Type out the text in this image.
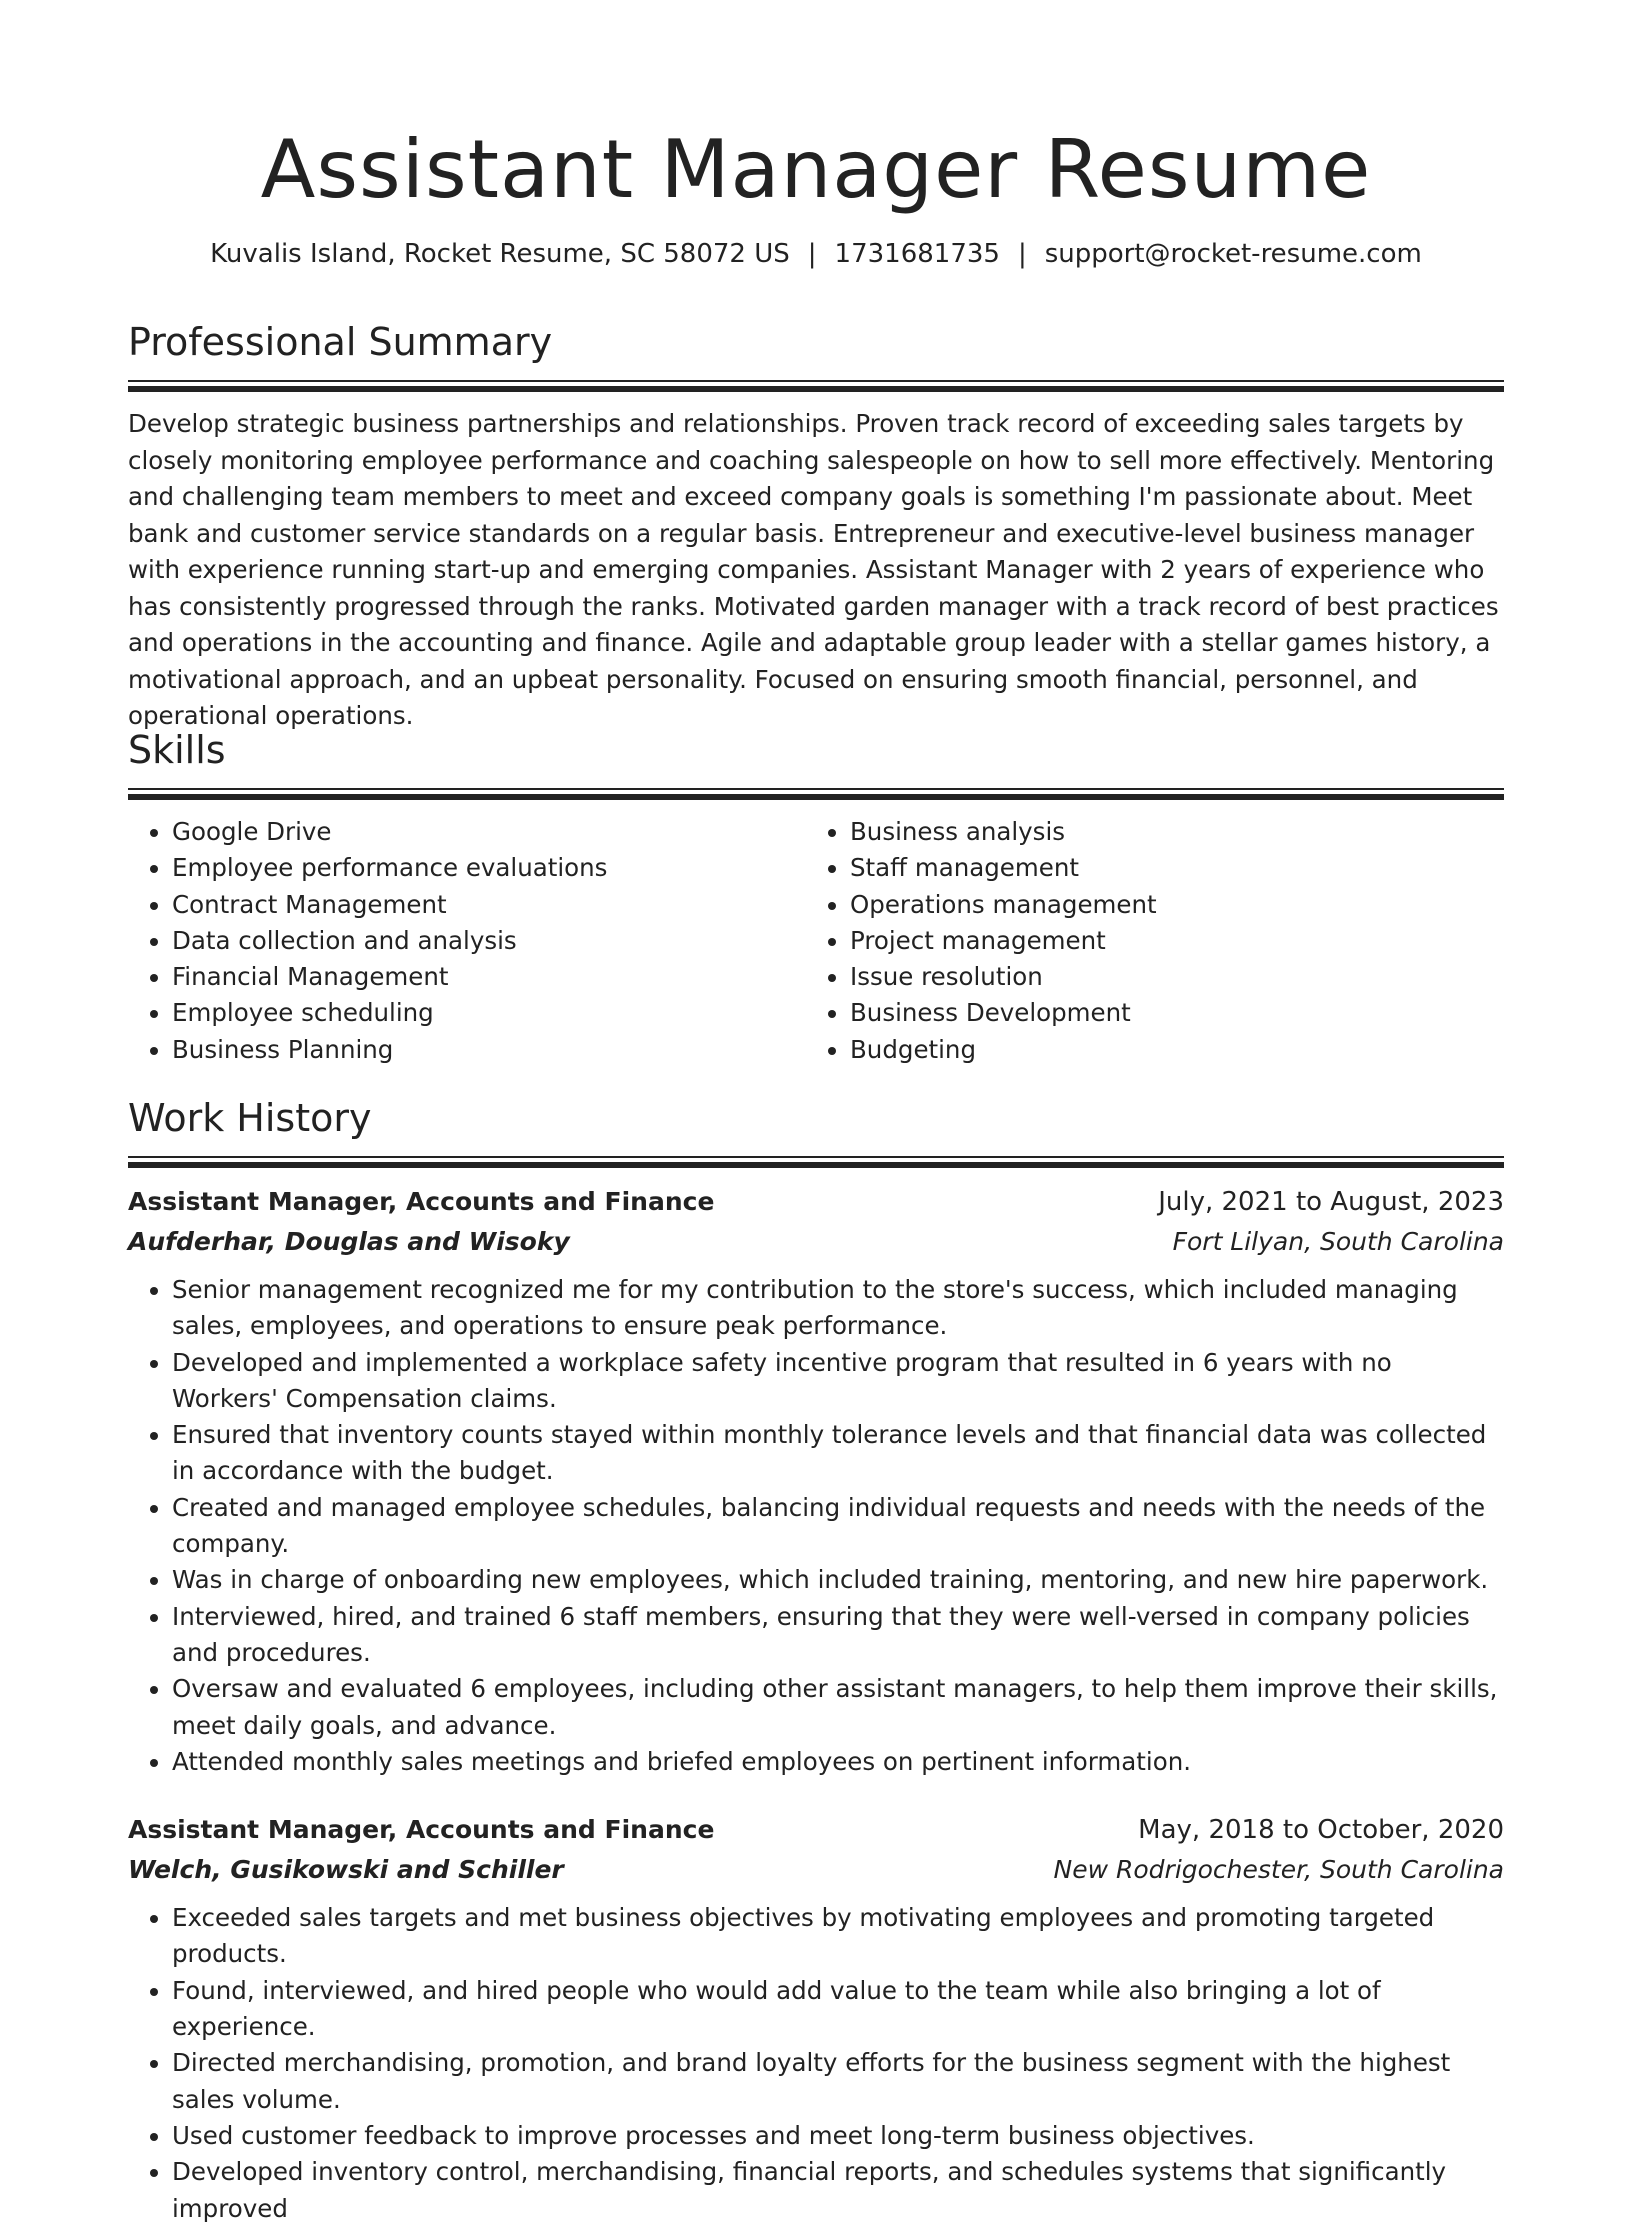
Assistant Manager Resume
Kuvalis Island, Rocket Resume, SC 58072 US | 1731681735 | support@rocket-resume.com
Professional Summary

Develop strategic business partnerships and relationships. Proven track record of exceeding sales targets by closely monitoring employee performance and coaching salespeople on how to sell more effectively. Mentoring and challenging team members to meet and exceed company goals is something I'm passionate about. Meet bank and customer service standards on a regular basis. Entrepreneur and executive-level business manager with experience running start-up and emerging companies. Assistant Manager with 2 years of experience who has consistently progressed through the ranks. Motivated garden manager with a track record of best practices and operations in the accounting and finance. Agile and adaptable group leader with a stellar games history, a motivational approach, and an upbeat personality. Focused on ensuring smooth financial, personnel, and operational operations.

Skills
• Google Drive
• Employee performance evaluations
• Contract Management
• Data collection and analysis
• Financial Management
• Employee scheduling
• Business Planning
• Business analysis
• Staff management
• Operations management
• Project management
• Issue resolution
• Business Development
• Budgeting
Work History
Assistant Manager, Accounts and Finance	July, 2021 to August, 2023
Aufderhar, Douglas and Wisoky	Fort Lilyan, South Carolina
• Senior management recognized me for my contribution to the store's success, which included managing sales, employees, and operations to ensure peak performance.
• Developed and implemented a workplace safety incentive program that resulted in 6 years with no Workers' Compensation claims.
• Ensured that inventory counts stayed within monthly tolerance levels and that financial data was collected in accordance with the budget.
• Created and managed employee schedules, balancing individual requests and needs with the needs of the company.
• Was in charge of onboarding new employees, which included training, mentoring, and new hire paperwork.
• Interviewed, hired, and trained 6 staff members, ensuring that they were well-versed in company policies and procedures.
• Oversaw and evaluated 6 employees, including other assistant managers, to help them improve their skills, meet daily goals, and advance.
• Attended monthly sales meetings and briefed employees on pertinent information.
Assistant Manager, Accounts and Finance	May, 2018 to October, 2020
Welch, Gusikowski and Schiller	New Rodrigochester, South Carolina
• Exceeded sales targets and met business objectives by motivating employees and promoting targeted products.
• Found, interviewed, and hired people who would add value to the team while also bringing a lot of experience.
• Directed merchandising, promotion, and brand loyalty efforts for the business segment with the highest sales volume.
• Used customer feedback to improve processes and meet long-term business objectives.
• Developed inventory control, merchandising, financial reports, and schedules systems that significantly improved
